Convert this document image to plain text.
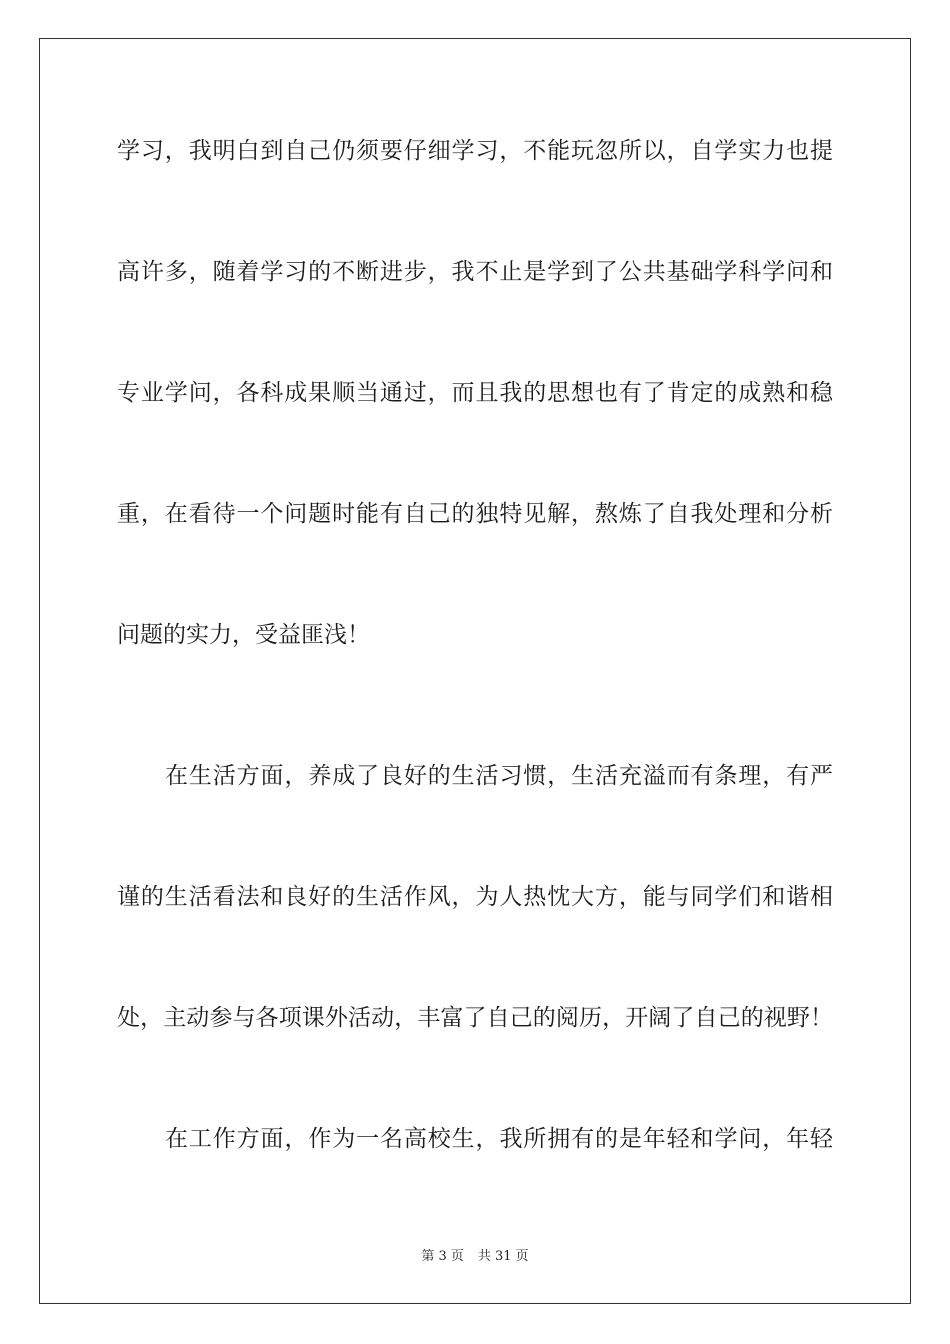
学习，我明白到自己仍须要仔细学习，不能玩忽所以，自学实力也提
高许多，随着学习的不断进步，我不止是学到了公共基础学科学问和
专业学问，各科成果顺当通过，而且我的思想也有了肯定的成熟和稳
重，在看待一个问题时能有自己的独特见解，熬炼了自我处理和分析
问题的实力，受益匪浅！
在生活方面，养成了良好的生活习惯，生活充溢而有条理，有严
谨的生活看法和良好的生活作风，为人热忱大方，能与同学们和谐相
处，主动参与各项课外活动，丰富了自己的阅历，开阔了自己的视野！
在工作方面，作为一名高校生，我所拥有的是年轻和学问，年轻
第 3 页 共 31 页
